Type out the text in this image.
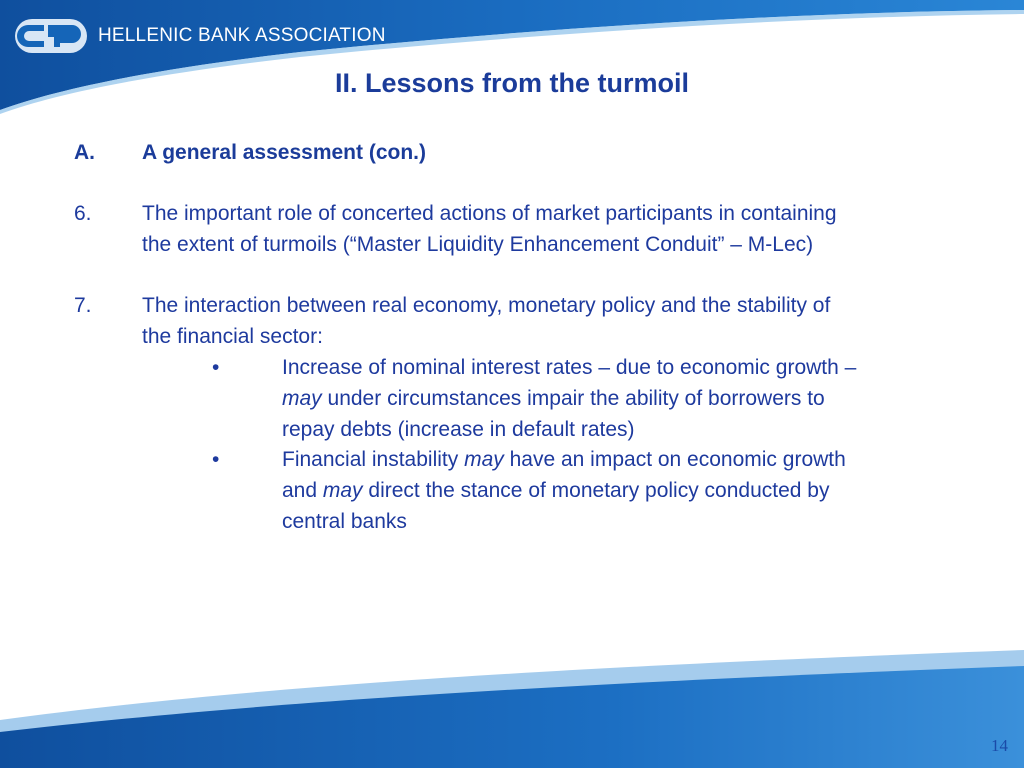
HELLENIC BANK ASSOCIATION
II. Lessons from the turmoil
A. A general assessment (con.)
6. The important role of concerted actions of market participants in containing
the extent of turmoils (“Master Liquidity Enhancement Conduit” – M-Lec)
7. The interaction between real economy, monetary policy and the stability of
the financial sector:
•	Increase of nominal interest rates – due to economic growth –
may under circumstances impair the ability of borrowers to
repay debts (increase in default rates)
•	Financial instability may have an impact on economic growth
and may direct the stance of monetary policy conducted by
central banks
14
